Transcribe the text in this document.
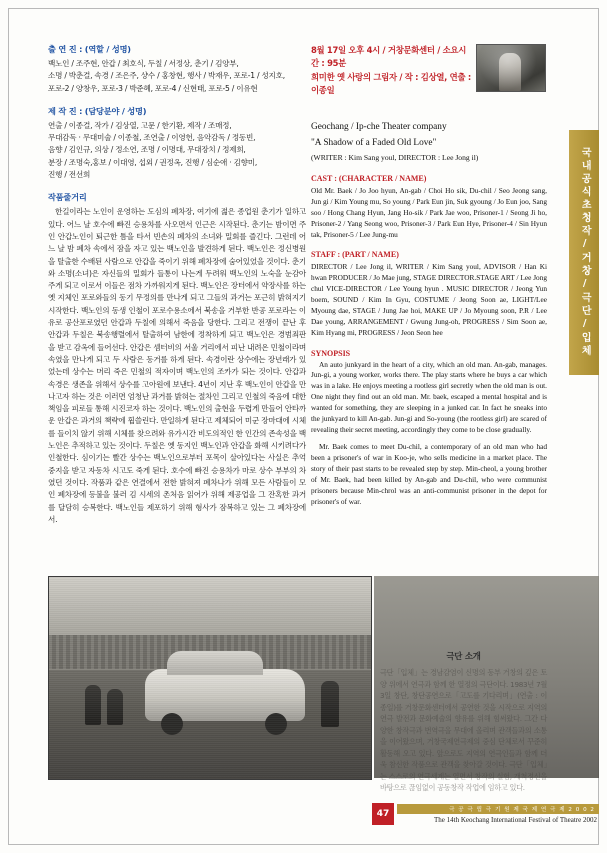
출 연 진 : (역할 / 성명)

백노인 / 조주현, 안갑 / 최호식, 두칠 / 서정상, 춘기 / 김양부,

소명 / 박춘걸, 속경 / 조은주, 샹수 / 홍창현, 행사 / 박재우, 포로-1 / 성지호,

포로-2 / 양창우, 포로-3 / 박준혜, 포로-4 / 신현태, 포로-5 / 이유현

제 작 진 : (담당분야 / 성명)

연출 / 이종걸, 작가 / 김상열, 고문 / 한기환, 제작 / 조매정,

무대감독 · 무대미술 / 이종철, 조연출 / 이영헌, 음악감독 / 정동빈,

음향 / 김인규, 의상 / 정소연, 조명 / 이명대, 무대장치 / 정제희,

분장 / 조명숙,홍보 / 이대영, 섭외 / 권정옥, 진행 / 심순애 · 김향미,

진행 / 전선희

작품줄거리

한길이라는 노인이 운영하는 도심의 폐차장, 여기에 젊은 종업원 춘기가 일하고 있다. 어느 날 호수에 빠진 승용차를 사오면서 인근은 시작된다. 춘기는 밤이면 주인 안갑노인이 퇴근한 틈을 타서 빈손의 폐차의 소녀와 밀회를 즐긴다. 그런데 어느 날 밤 폐차 속에서 잠을 자고 있는 백노인을 발견하게 된다. 백노인은 정신병원을 탈출한 수배된 사람으로 안갑을 죽이기 위해 폐차장에 숨어있었을 것이다. 춘기와 소명(소녀)은 자신들의 밀회가 들통이 나는게 두려워 백노인의 노숙을 눈감아주게 되고 이로서 이들은 점차 가까워지게 된다. 백노인은 장터에서 약장사를 하는 옛 지체인 포로와들의 동기 무정의를 만나게 되고 그들의 과거는 포근히 밝혀지기 시작한다. 백노인의 동생 인철이 포로수용소에서 북송을 거부한 반공 포로라는 이유로 공산포로였던 안갑과 두칠에 의해서 죽음을 당한다. 그리고 전쟁이 끝난 후 안갑과 두칠은 북송행렬에서 탈출하여 남한에 정착하게 되고 백노인은 경범죄판을 받고 감옥에 들어선다. 안갑은 셈터비의 서울 거리에서 피난 내려온 민철이라며 속였을 만나게 되고 두 사람은 동거를 하게 된다. 속경이란 상수에는 장년래가 있었는데 상수는 머리 죽은 민철의 적자이며 백노인의 조카가 되는 것이다. 안갑과 속경은 생존을 위해서 상수를 고아원에 보낸다. 4년이 지난 후 백노인이 안갑을 만나고자 하는 것은 이러면 엄청난 과거를 밝혀는 절차인 그리고 인철의 죽음에 대한 책임을 피로들 통해 시진코자 하는 것이다. 백노인의 출현을 두렵게 만들어 안타까운 안갑은 과거의 책략에 휩쓸린다. 만일하게 된다고 제체되어 미군 장마대에 시체를 들이치 않기 위해 시체를 찾으려와 유가시간 비도의적인 한 인간의 존속성을 백노인은 추적하고 있는 것이다. 두칠은 옛 동지인 백노인과 안갑을 화해 시키려다가 인철한다. 심이기는 빨간 상수는 백노인으로부터 포목이 살아있다는 사실은 추억 중지을 받고 자동차 시고도 죽게 된다. 호수에 빠진 승용차가 마로 상수 부부의 차였던 것이다. 작품과 같은 연결에서 전한 밝혀져 폐차나가 위해 모든 사람들이 모인 폐차장에 등불을 불러 김 시세의 촌처음 읽어가 위해 제공업을 그 잔혹한 과거를 달담히 승복한다. 백노인들 제포하기 위해 형사가 잠복하고 있는 그 폐차장에서.

8월 17일 오후 4시 / 거창문화센터 / 소요시간 : 95분
희미한 옛 사랑의 그림자 / 작 : 김상열, 연출 : 이종일

Geochang / Ip-che Theater company

"A Shadow of a Faded Old Love"

(WRITER : Kim Sang youl, DIRECTOR : Lee Jong il)

CAST : (CHARACTER / NAME)

Old Mr. Baek / Jo Joo hyun, An-gab / Choi Ho sik, Du-chil / Seo Jeong sang, Jun gi / Kim Young mu, So young / Park Eun jin, Suk gyoung / Jo Eun joo, Sang soo / Hong Chang Hyun, Jang Ho-sik / Park Jae woo, Prisoner-1 / Seong Ji ho, Prisoner-2 / Yang Seong woo, Prisoner-3 / Park Eun Hye, Prisoner-4 / Sin Hyun tak, Prisoner-5 / Lee Jung-mu

STAFF : (PART / NAME)

DIRECTOR / Lee Jong il, WRITER / Kim Sang youl, ADVISOR / Han Ki hwan PRODUCER / Jo Mae jung, STAGE DIRECTOR.STAGE ART / Lee Jong chul VICE-DIRECTOR / Lee Young hyun . MUSIC DIRECTOR / Jeong Yun boem, SOUND / Kim In Gyu, COSTUME / Jeong Soon ae, LIGHT/Lee Myoung dae, STAGE / Jung Jae hoi, MAKE UP / Jo Myoung soon, P.R / Lee Dae young, ARRANGEMENT / Gwung Jung-oh, PROGRESS / Sim Soon ae, Kim Hyang mi, PROGRESS / Jeon Seon hee

SYNOPSIS

An auto junkyard in the heart of a city, which an old man. An-gab, manages. Jun-gi, a young worker, works there. The play starts where he buys a car which was in a lake. He enjoys meeting a rootless girl secretly when the old man is out. One night they find out an old man. Mr. baek, escaped a mental hospital and is wanted for something, they are sleeping in a junked car. In fact he sneaks into the junkyard to kill An-gab. Jun-gi and So-young (the rootless girl) are scared of revealing their secret meeting, accordingly they come to be close gradually.

Mr. Baek comes to meet Du-chil, a contemporary of an old man who had been a prisoner's of war in Koo-je, who sells medicine in a market place. The story of their past starts to be revealed step by step. Min-cheol, a young brother of Mr. Baek, had been killed by An-gab and Du-chil, who were communist prisoners because Min-chrol was an anti-communist prisoner in the depot for prisoner's of war.

국내공식초청작/거창/극단/입체

극단 소개

극단「입체」는 경남감염이 신명의 동부 거창의 깊은 토양 위에서 연극과 함께 한 열정의 극단이다. 1983년 7월 3일 창단, 창단공연으로「고도를 기다리며」(연출 : 이종일)를 거창문화센터에서 공연한 것을 시작으로 지역의 연극 발전과 문화예술의 향유를 위해 힘써왔다. 그간 다양한 창작극과 번역극을 무대에 올리며 관객들과의 소통을 이어왔으며, 거창국제연극제의 중심 단체로서 꾸준히 활동해 오고 있다. 앞으로도 지역의 연극인들과 함께 더욱 참신한 작품으로 관객을 찾아갈 것이다. 극단「입체」는 스스로의 연극세계는 열면서 창작의 실험, 개척정신을 바탕으로 끊임없이 공동창작 작업에 임하고 있다.

47	극 공 극 립 극 기 원 제 국 제 연 극 제 2 0 0 2
The 14th Keochang International Festival of Theatre 2002
